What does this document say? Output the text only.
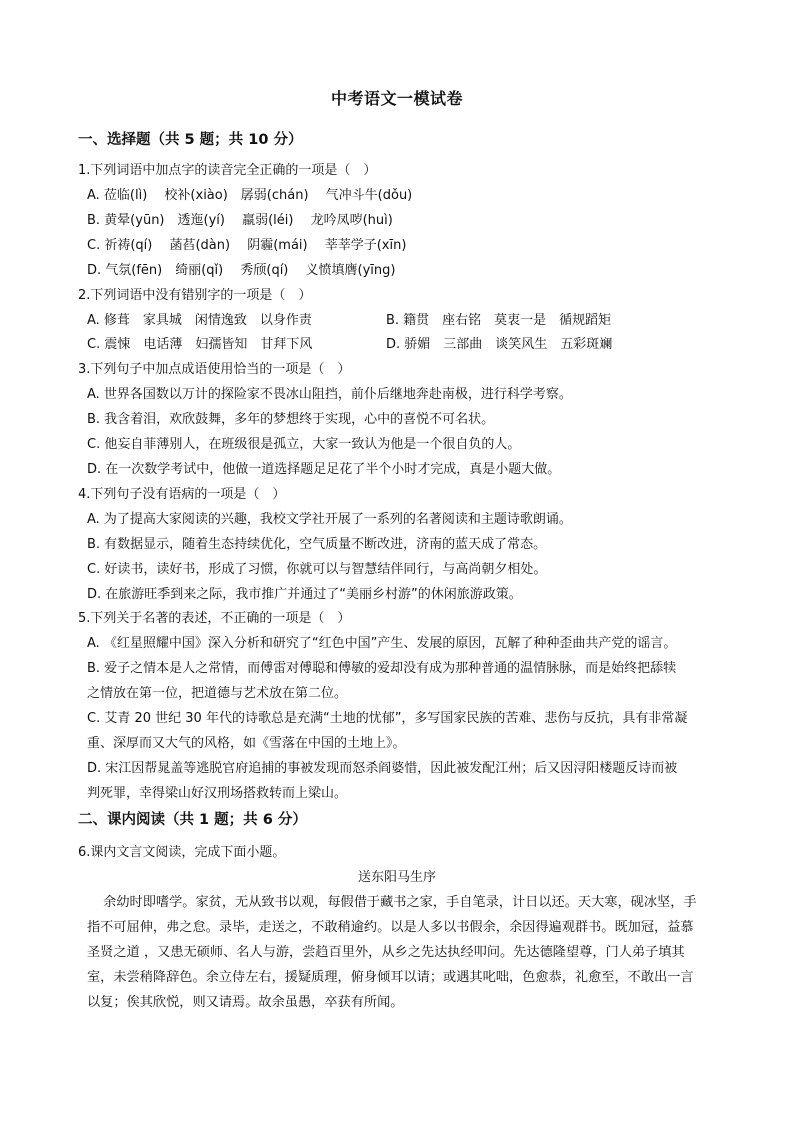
中考语文一模试卷
一、选择题（共 5 题；共 10 分）
1.下列词语中加点字的读音完全正确的一项是（　）
A. 莅临(lì)　 校补(xiào)　孱弱(chán)　 气冲斗牛(dǒu)
B. 黄晕(yūn)　透迤(yí)　 羸弱(léi)　 龙吟凤哕(huì)
C. 祈祷(qí)　 菡萏(dàn)　 阴霾(mái)　 莘莘学子(xīn)
D. 气氛(fēn)　绮丽(qǐ)　 秀颀(qí)　 义愤填膺(yīng)
2.下列词语中没有错别字的一项是（　）
A. 修葺　家具城　闲情逸致　以身作责	B. 籍贯　座右铭　莫衷一是　循规蹈矩
C. 震悚　电话薄　妇孺皆知　甘拜下风	D. 骄媚　三部曲　谈笑风生　五彩斑斓
3.下列句子中加点成语使用恰当的一项是（　）
A. 世界各国数以万计的探险家不畏冰山阻挡，前仆后继地奔赴南极，进行科学考察。
B. 我含着泪，欢欣鼓舞，多年的梦想终于实现，心中的喜悦不可名状。
C. 他妄自菲薄别人，在班级很是孤立，大家一致认为他是一个很自负的人。
D. 在一次数学考试中，他做一道选择题足足花了半个小时才完成，真是小题大做。
4.下列句子没有语病的一项是（　）
A. 为了提高大家阅读的兴趣，我校文学社开展了一系列的名著阅读和主题诗歌朗诵。
B. 有数据显示，随着生态持续优化，空气质量不断改进，济南的蓝天成了常态。
C. 好读书，读好书，形成了习惯，你就可以与智慧结伴同行，与高尚朝夕相处。
D. 在旅游旺季到来之际，我市推广并通过了“美丽乡村游”的休闲旅游政策。
5.下列关于名著的表述，不正确的一项是（　）
A. 《红星照耀中国》深入分析和研究了“红色中国”产生、发展的原因，瓦解了种种歪曲共产党的谣言。
B. 爱子之情本是人之常情，而傅雷对傅聪和傅敏的爱却没有成为那种普通的温情脉脉，而是始终把舔犊
之情放在第一位，把道德与艺术放在第二位。
C. 艾青 20 世纪 30 年代的诗歌总是充满“土地的忧郁”，多写国家民族的苦难、悲伤与反抗，具有非常凝
重、深厚而又大气的风格，如《雪落在中国的土地上》。
D. 宋江因帮晁盖等逃脱官府追捕的事被发现而怒杀阎婆惜，因此被发配江州；后又因浔阳楼题反诗而被
判死罪，幸得梁山好汉刑场搭救转而上梁山。
二、课内阅读（共 1 题；共 6 分）
6.课内文言文阅读，完成下面小题。
送东阳马生序
　余幼时即嗜学。家贫，无从致书以观，每假借于藏书之家，手自笔录，计日以还。天大寒，砚冰坚，手
指不可屈伸，弗之怠。录毕，走送之，不敢稍逾约。以是人多以书假余，余因得遍观群书。既加冠，益慕
圣贤之道 ，又患无硕师、名人与游，尝趋百里外，从乡之先达执经叩问。先达德隆望尊，门人弟子填其
室，未尝稍降辞色。余立侍左右，援疑质理，俯身倾耳以请；或遇其叱咄，色愈恭，礼愈至，不敢出一言
以复；俟其欣悦，则又请焉。故余虽愚，卒获有所闻。
